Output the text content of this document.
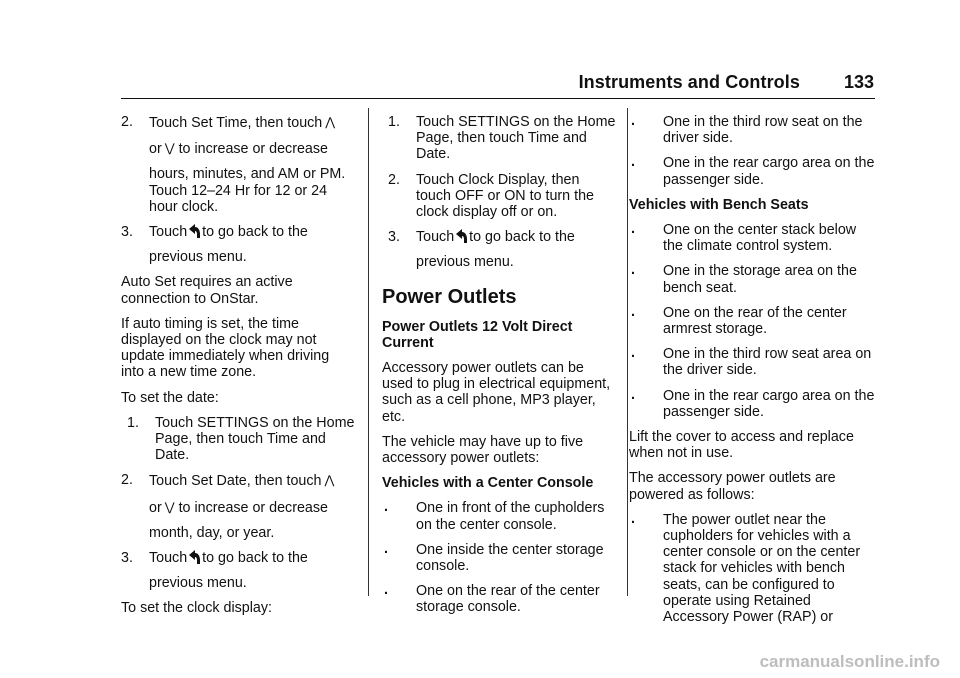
Instruments and Controls 133
2. Touch Set Time, then touch ⋀
or ⋁ to increase or decrease
hours, minutes, and AM or PM. Touch 12–24 Hr for 12 or 24 hour clock.
3. Touch to go back to the
previous menu.

Auto Set requires an active connection to OnStar.

If auto timing is set, the time displayed on the clock may not update immediately when driving into a new time zone.

To set the date:

1. Touch SETTINGS on the Home Page, then touch Time and Date.
2. Touch Set Date, then touch ⋀
or ⋁ to increase or decrease
month, day, or year.
3. Touch to go back to the
previous menu.

To set the clock display:

1. Touch SETTINGS on the Home Page, then touch Time and Date.
2. Touch Clock Display, then touch OFF or ON to turn the clock display off or on.
3. Touch to go back to the
previous menu.
Power Outlets
Power Outlets 12 Volt Direct Current

Accessory power outlets can be used to plug in electrical equipment, such as a cell phone, MP3 player, etc.

The vehicle may have up to five accessory power outlets:

Vehicles with a Center Console
. One in front of the cupholders on the center console.
. One inside the center storage console.
. One on the rear of the center storage console.
. One in the third row seat on the driver side.
. One in the rear cargo area on the passenger side.
Vehicles with Bench Seats
. One on the center stack below the climate control system.
. One in the storage area on the bench seat.
. One on the rear of the center armrest storage.
. One in the third row seat area on the driver side.
. One in the rear cargo area on the passenger side.

Lift the cover to access and replace when not in use.

The accessory power outlets are powered as follows:

. The power outlet near the cupholders for vehicles with a center console or on the center stack for vehicles with bench seats, can be configured to operate using Retained Accessory Power (RAP) or
carmanualsonline.info
